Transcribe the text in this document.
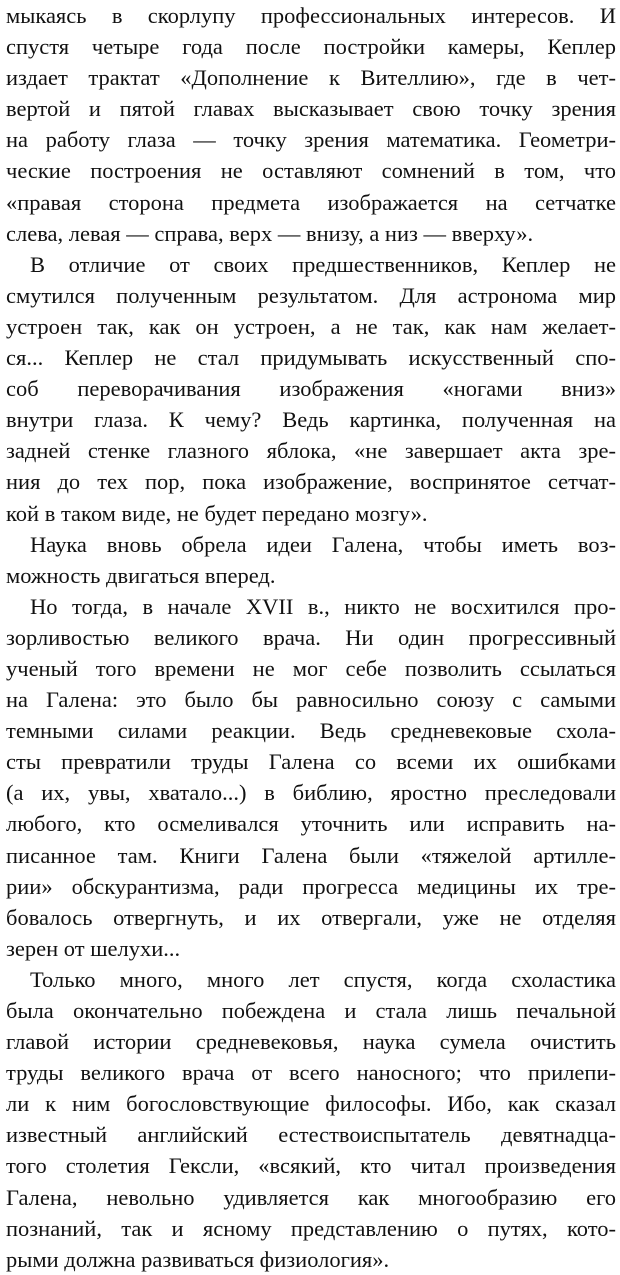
мыкаясь в скорлупу профессиональных интересов. И
спустя четыре года после постройки камеры, Кеплер
издает трактат «Дополнение к Вителлию», где в чет-
вертой и пятой главах высказывает свою точку зрения
на работу глаза — точку зрения математика. Геометри-
ческие построения не оставляют сомнений в том, что
«правая сторона предмета изображается на сетчатке
слева, левая — справа, верх — внизу, а низ — вверху».
В отличие от своих предшественников, Кеплер не
смутился полученным результатом. Для астронома мир
устроен так, как он устроен, а не так, как нам желает-
ся... Кеплер не стал придумывать искусственный спо-
соб переворачивания изображения «ногами вниз»
внутри глаза. К чему? Ведь картинка, полученная на
задней стенке глазного яблока, «не завершает акта зре-
ния до тех пор, пока изображение, воспринятое сетчат-
кой в таком виде, не будет передано мозгу».
Наука вновь обрела идеи Галена, чтобы иметь воз-
можность двигаться вперед.
Но тогда, в начале XVII в., никто не восхитился про-
зорливостью великого врача. Ни один прогрессивный
ученый того времени не мог себе позволить ссылаться
на Галена: это было бы равносильно союзу с самыми
темными силами реакции. Ведь средневековые схола-
сты превратили труды Галена со всеми их ошибками
(а их, увы, хватало...) в библию, яростно преследовали
любого, кто осмеливался уточнить или исправить на-
писанное там. Книги Галена были «тяжелой артилле-
рии» обскурантизма, ради прогресса медицины их тре-
бовалось отвергнуть, и их отвергали, уже не отделяя
зерен от шелухи...
Только много, много лет спустя, когда схоластика
была окончательно побеждена и стала лишь печальной
главой истории средневековья, наука сумела очистить
труды великого врача от всего наносного; что прилепи-
ли к ним богословствующие философы. Ибо, как сказал
известный английский естествоиспытатель девятнадца-
того столетия Гексли, «всякий, кто читал произведения
Галена, невольно удивляется как многообразию его
познаний, так и ясному представлению о путях, кото-
рыми должна развиваться физиология».
